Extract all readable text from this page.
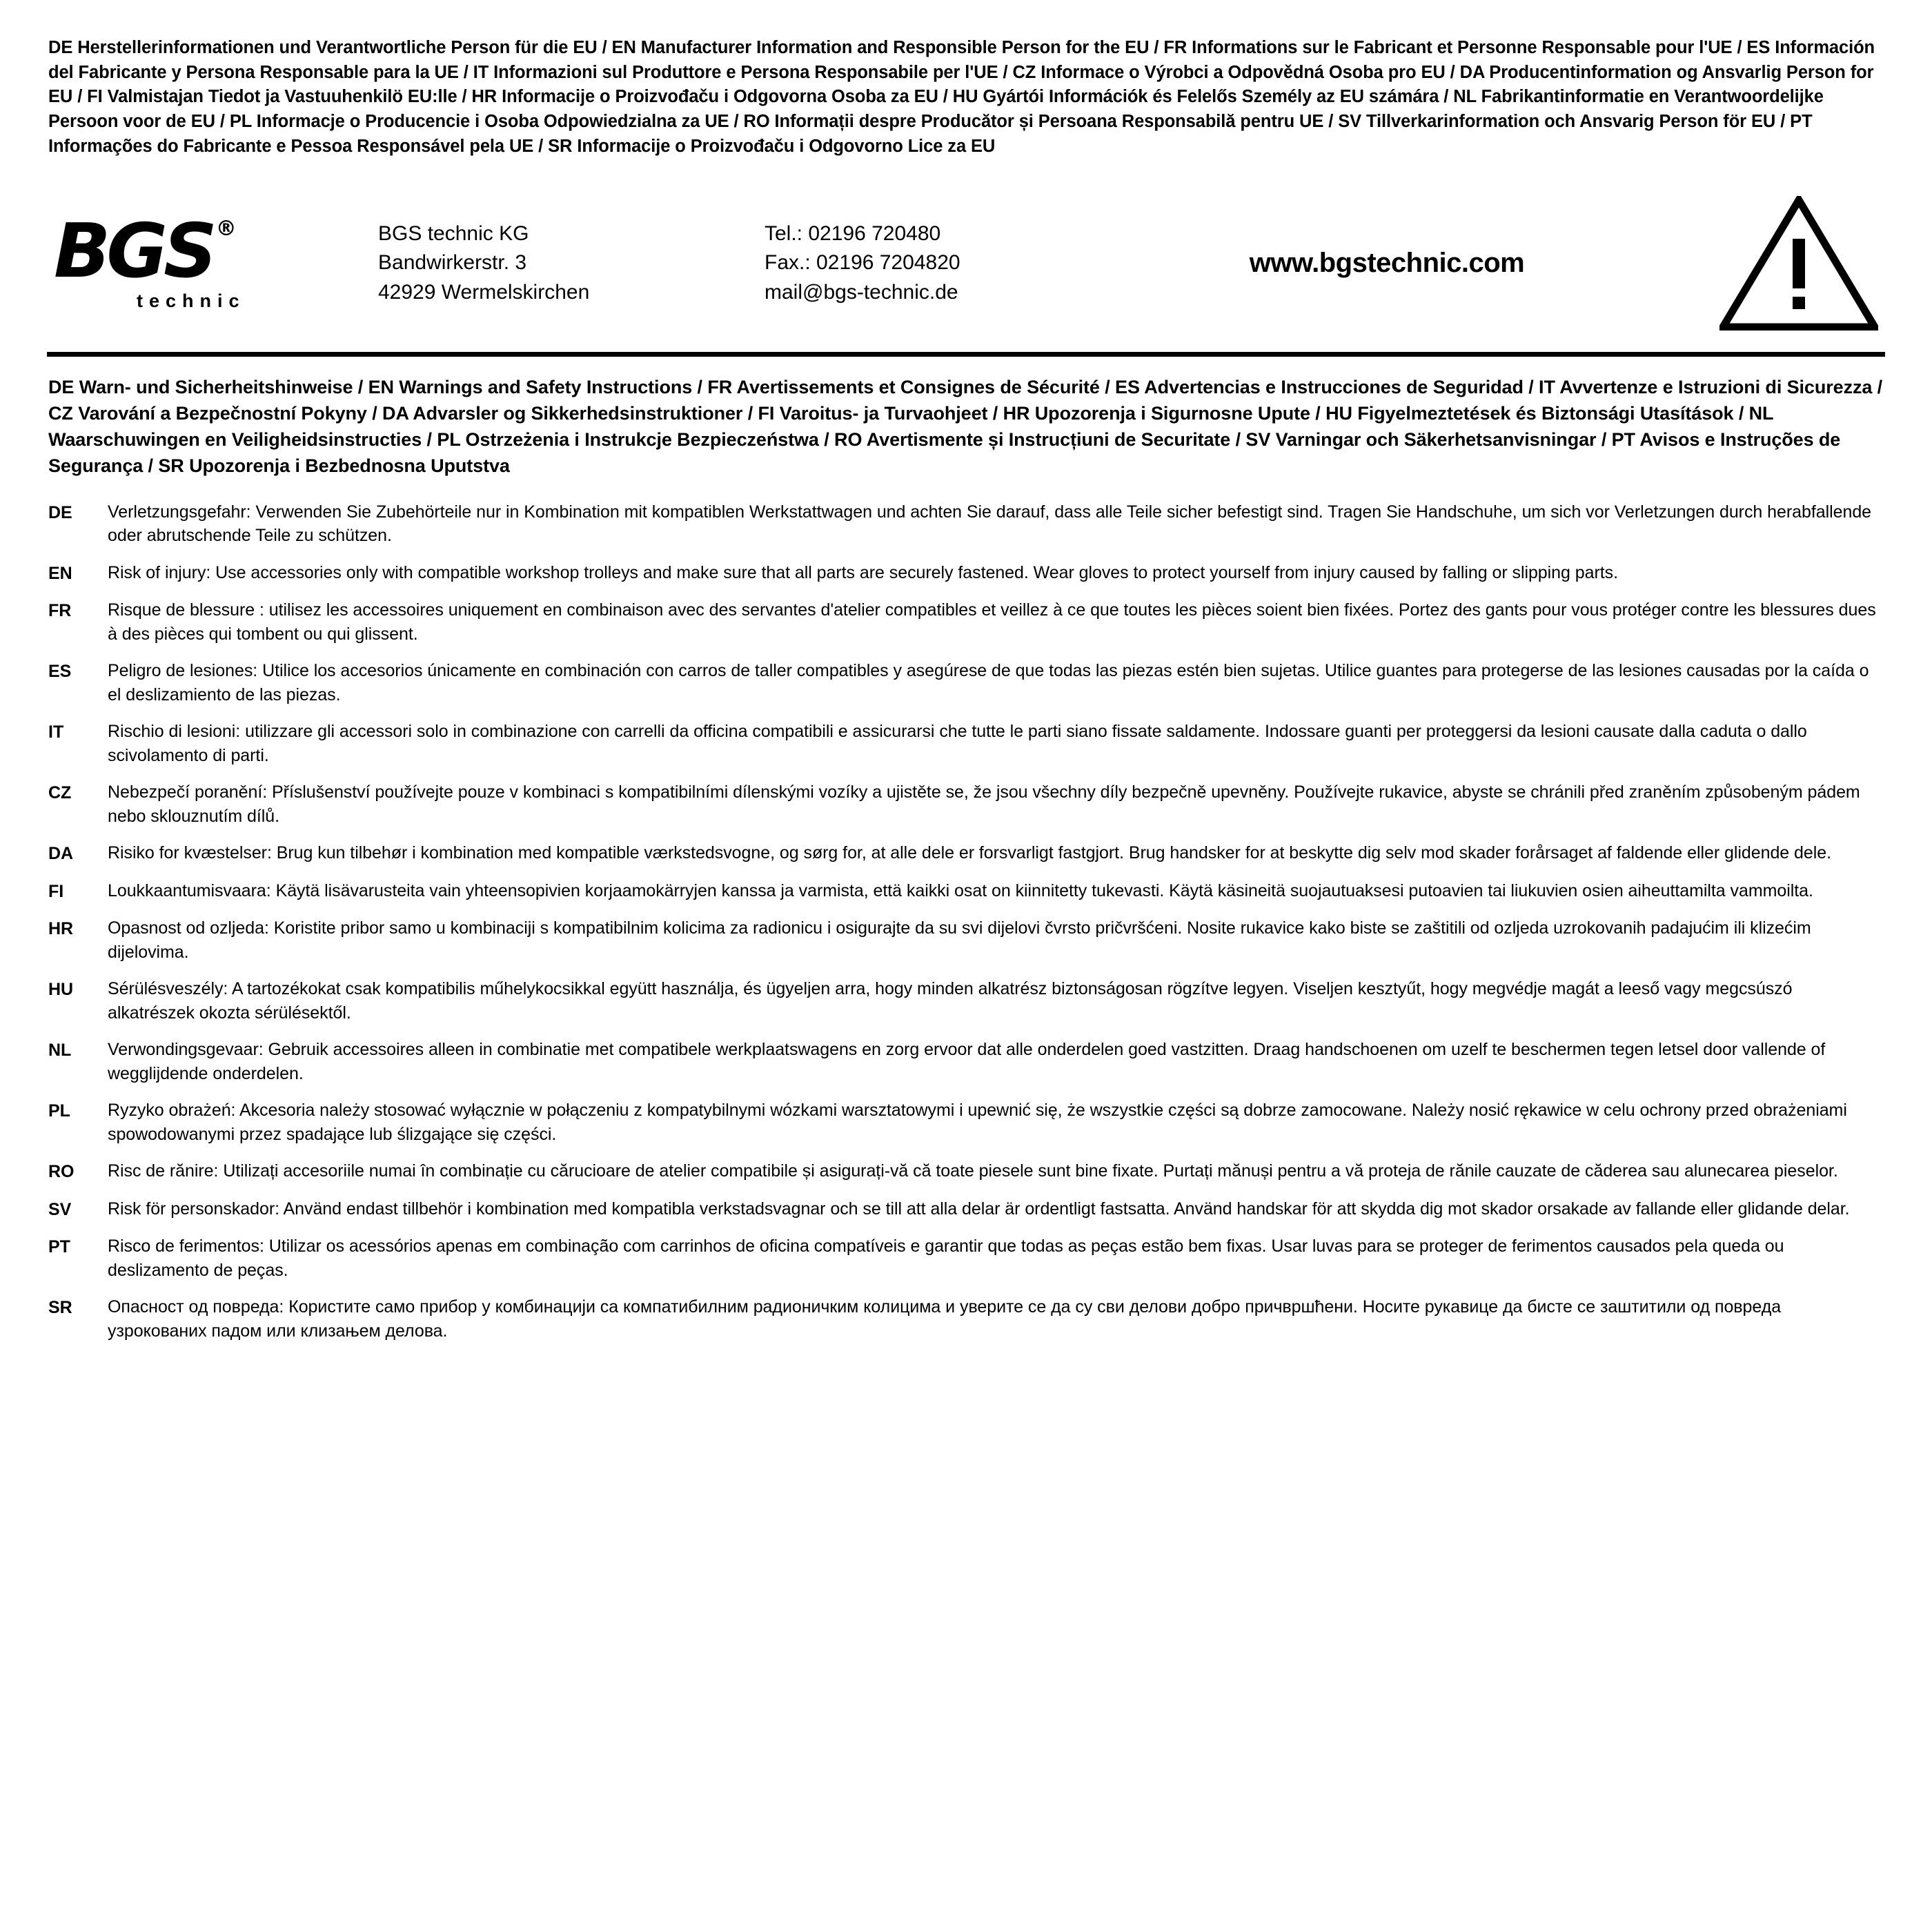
DE Herstellerinformationen und Verantwortliche Person für die EU / EN Manufacturer Information and Responsible Person for the EU / FR Informations sur le Fabricant et Personne Responsable pour l'UE / ES Información del Fabricante y Persona Responsable para la UE / IT Informazioni sul Produttore e Persona Responsabile per l'UE / CZ Informace o Výrobci a Odpovědná Osoba pro EU / DA Producentinformation og Ansvarlig Person for EU / FI Valmistajan Tiedot ja Vastuuhenkilö EU:lle / HR Informacije o Proizvođaču i Odgovorna Osoba za EU / HU Gyártói Információk és Felelős Személy az EU számára / NL Fabrikantinformatie en Verantwoordelijke Persoon voor de EU / PL Informacje o Producencie i Osoba Odpowiedzialna za UE / RO Informații despre Producător și Persoana Responsabilă pentru UE / SV Tillverkarinformation och Ansvarig Person för EU / PT Informações do Fabricante e Pessoa Responsável pela UE / SR Informacije o Proizvođaču i Odgovorno Lice za EU
BGS ®
technic
BGS technic KG
Bandwirkerstr. 3
42929 Wermelskirchen
Tel.: 02196 720480
Fax.: 02196 7204820
mail@bgs-technic.de
www.bgstechnic.com
DE Warn- und Sicherheitshinweise / EN Warnings and Safety Instructions / FR Avertissements et Consignes de Sécurité / ES Advertencias e Instrucciones de Seguridad / IT Avvertenze e Istruzioni di Sicurezza / CZ Varování a Bezpečnostní Pokyny / DA Advarsler og Sikkerhedsinstruktioner / FI Varoitus- ja Turvaohjeet / HR Upozorenja i Sigurnosne Upute / HU Figyelmeztetések és Biztonsági Utasítások / NL Waarschuwingen en Veiligheidsinstructies / PL Ostrzeżenia i Instrukcje Bezpieczeństwa / RO Avertismente și Instrucțiuni de Securitate / SV Varningar och Säkerhetsanvisningar / PT Avisos e Instruções de Segurança / SR Upozorenja i Bezbednosna Uputstva
DE	Verletzungsgefahr: Verwenden Sie Zubehörteile nur in Kombination mit kompatiblen Werkstattwagen und achten Sie darauf, dass alle Teile sicher befestigt sind. Tragen Sie Handschuhe, um sich vor Verletzungen durch herabfallende oder abrutschende Teile zu schützen.
EN	Risk of injury: Use accessories only with compatible workshop trolleys and make sure that all parts are securely fastened. Wear gloves to protect yourself from injury caused by falling or slipping parts.
FR	Risque de blessure : utilisez les accessoires uniquement en combinaison avec des servantes d'atelier compatibles et veillez à ce que toutes les pièces soient bien fixées. Portez des gants pour vous protéger contre les blessures dues à des pièces qui tombent ou qui glissent.
ES	Peligro de lesiones: Utilice los accesorios únicamente en combinación con carros de taller compatibles y asegúrese de que todas las piezas estén bien sujetas. Utilice guantes para protegerse de las lesiones causadas por la caída o el deslizamiento de las piezas.
IT	Rischio di lesioni: utilizzare gli accessori solo in combinazione con carrelli da officina compatibili e assicurarsi che tutte le parti siano fissate saldamente. Indossare guanti per proteggersi da lesioni causate dalla caduta o dallo scivolamento di parti.
CZ	Nebezpečí poranění: Příslušenství používejte pouze v kombinaci s kompatibilními dílenskými vozíky a ujistěte se, že jsou všechny díly bezpečně upevněny. Používejte rukavice, abyste se chránili před zraněním způsobeným pádem nebo sklouznutím dílů.
DA	Risiko for kvæstelser: Brug kun tilbehør i kombination med kompatible værkstedsvogne, og sørg for, at alle dele er forsvarligt fastgjort. Brug handsker for at beskytte dig selv mod skader forårsaget af faldende eller glidende dele.
FI	Loukkaantumisvaara: Käytä lisävarusteita vain yhteensopivien korjaamokärryjen kanssa ja varmista, että kaikki osat on kiinnitetty tukevasti. Käytä käsineitä suojautuaksesi putoavien tai liukuvien osien aiheuttamilta vammoilta.
HR	Opasnost od ozljeda: Koristite pribor samo u kombinaciji s kompatibilnim kolicima za radionicu i osigurajte da su svi dijelovi čvrsto pričvršćeni. Nosite rukavice kako biste se zaštitili od ozljeda uzrokovanih padajućim ili klizećim dijelovima.
HU	Sérülésveszély: A tartozékokat csak kompatibilis műhelykocsikkal együtt használja, és ügyeljen arra, hogy minden alkatrész biztonságosan rögzítve legyen. Viseljen kesztyűt, hogy megvédje magát a leeső vagy megcsúszó alkatrészek okozta sérülésektől.
NL	Verwondingsgevaar: Gebruik accessoires alleen in combinatie met compatibele werkplaatswagens en zorg ervoor dat alle onderdelen goed vastzitten. Draag handschoenen om uzelf te beschermen tegen letsel door vallende of wegglijdende onderdelen.
PL	Ryzyko obrażeń: Akcesoria należy stosować wyłącznie w połączeniu z kompatybilnymi wózkami warsztatowymi i upewnić się, że wszystkie części są dobrze zamocowane. Należy nosić rękawice w celu ochrony przed obrażeniami spowodowanymi przez spadające lub ślizgające się części.
RO	Risc de rănire: Utilizați accesoriile numai în combinație cu cărucioare de atelier compatibile și asigurați-vă că toate piesele sunt bine fixate. Purtați mănuși pentru a vă proteja de rănile cauzate de căderea sau alunecarea pieselor.
SV	Risk för personskador: Använd endast tillbehör i kombination med kompatibla verkstadsvagnar och se till att alla delar är ordentligt fastsatta. Använd handskar för att skydda dig mot skador orsakade av fallande eller glidande delar.
PT	Risco de ferimentos: Utilizar os acessórios apenas em combinação com carrinhos de oficina compatíveis e garantir que todas as peças estão bem fixas. Usar luvas para se proteger de ferimentos causados pela queda ou deslizamento de peças.
SR	Опасност од повреда: Користите само прибор у комбинацији са компатибилним радионичким колицима и уверите се да су сви делови добро причвршћени. Носите рукавице да бисте се заштитили од повреда узрокованих падом или клизањем делова.
